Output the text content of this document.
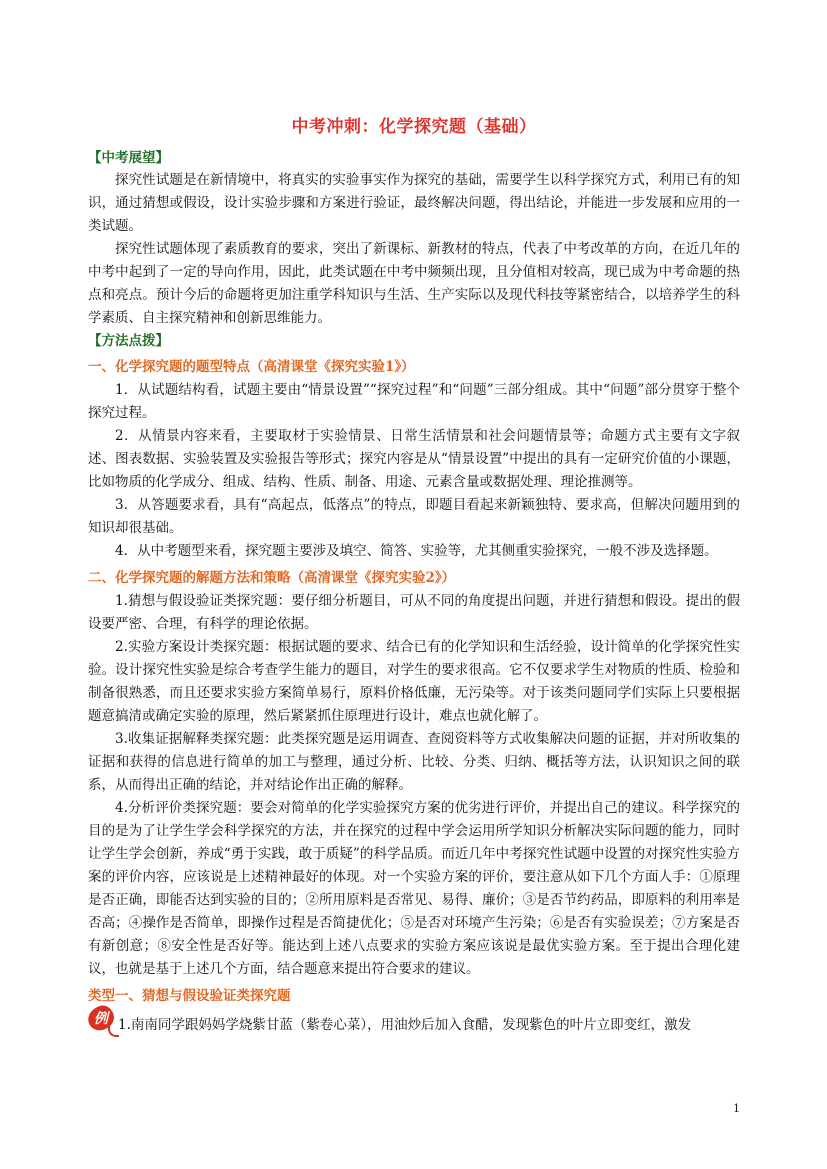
中考冲刺：化学探究题（基础）
【中考展望】

探究性试题是在新情境中，将真实的实验事实作为探究的基础，需要学生以科学探究方式，利用已有的知识，通过猜想或假设，设计实验步骤和方案进行验证，最终解决问题，得出结论，并能进一步发展和应用的一类试题。

探究性试题体现了素质教育的要求，突出了新课标、新教材的特点，代表了中考改革的方向，在近几年的中考中起到了一定的导向作用，因此，此类试题在中考中频频出现，且分值相对较高，现已成为中考命题的热点和亮点。预计今后的命题将更加注重学科知识与生活、生产实际以及现代科技等紧密结合，以培养学生的科学素质、自主探究精神和创新思维能力。

【方法点拨】
一、化学探究题的题型特点（高清课堂《探究实验1》）

1．从试题结构看，试题主要由“情景设置”“探究过程”和“问题”三部分组成。其中“问题”部分贯穿于整个探究过程。

2．从情景内容来看，主要取材于实验情景、日常生活情景和社会问题情景等；命题方式主要有文字叙述、图表数据、实验装置及实验报告等形式；探究内容是从“情景设置”中提出的具有一定研究价值的小课题，比如物质的化学成分、组成、结构、性质、制备、用途、元素含量或数据处理、理论推测等。

3．从答题要求看，具有“高起点，低落点”的特点，即题目看起来新颖独特、要求高，但解决问题用到的知识却很基础。

4．从中考题型来看，探究题主要涉及填空、简答、实验等，尤其侧重实验探究，一般不涉及选择题。

二、化学探究题的解题方法和策略（高清课堂《探究实验2》）

1.猜想与假设验证类探究题：要仔细分析题目，可从不同的角度提出问题，并进行猜想和假设。提出的假设要严密、合理，有科学的理论依据。

2.实验方案设计类探究题：根据试题的要求、结合已有的化学知识和生活经验，设计简单的化学探究性实验。设计探究性实验是综合考查学生能力的题目，对学生的要求很高。它不仅要求学生对物质的性质、检验和制备很熟悉，而且还要求实验方案简单易行，原料价格低廉，无污染等。对于该类问题同学们实际上只要根据题意搞清或确定实验的原理，然后紧紧抓住原理进行设计，难点也就化解了。

3.收集证据解释类探究题：此类探究题是运用调查、查阅资料等方式收集解决问题的证据，并对所收集的证据和获得的信息进行简单的加工与整理，通过分析、比较、分类、归纳、概括等方法，认识知识之间的联系，从而得出正确的结论，并对结论作出正确的解释。

4.分析评价类探究题：要会对简单的化学实验探究方案的优劣进行评价，并提出自己的建议。科学探究的目的是为了让学生学会科学探究的方法，并在探究的过程中学会运用所学知识分析解决实际问题的能力，同时让学生学会创新，养成“勇于实践，敢于质疑”的科学品质。而近几年中考探究性试题中设置的对探究性实验方案的评价内容，应该说是上述精神最好的体现。对一个实验方案的评价，要注意从如下几个方面人手：①原理是否正确，即能否达到实验的目的；②所用原料是否常见、易得、廉价；③是否节约药品，即原料的利用率是否高；④操作是否简单，即操作过程是否简捷优化；⑤是否对环境产生污染；⑥是否有实验误差；⑦方案是否有新创意；⑧安全性是否好等。能达到上述八点要求的实验方案应该说是最优实验方案。至于提出合理化建议，也就是基于上述几个方面，结合题意来提出符合要求的建议。

类型一、猜想与假设验证类探究题
例 1.南南同学跟妈妈学烧紫甘蓝（紫卷心菜），用油炒后加入食醋，发现紫色的叶片立即变红，激发

1
